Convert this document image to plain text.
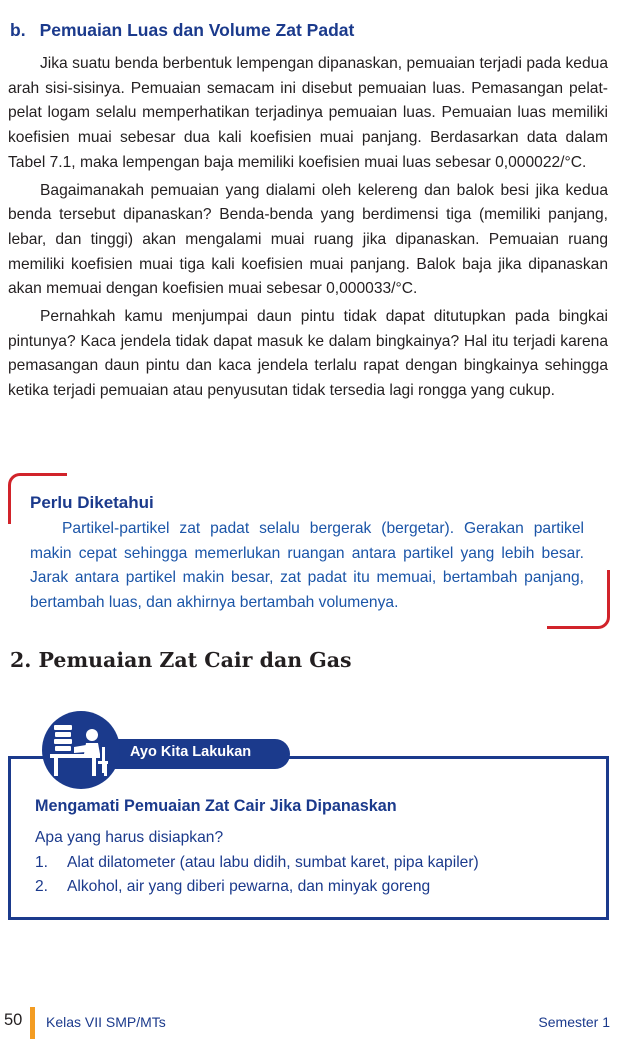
b. Pemuaian Luas dan Volume Zat Padat

Jika suatu benda berbentuk lempengan dipanaskan, pemuaian terjadi pada kedua arah sisi-sisinya. Pemuaian semacam ini disebut pemuaian luas. Pemasangan pelat-pelat logam selalu memperhatikan terjadinya pemuaian luas. Pemuaian luas memiliki koefisien muai sebesar dua kali koefisien muai panjang. Berdasarkan data dalam Tabel 7.1, maka lempengan baja memiliki koefisien muai luas sebesar 0,000022/°C.

Bagaimanakah pemuaian yang dialami oleh kelereng dan balok besi jika kedua benda tersebut dipanaskan? Benda-benda yang berdimensi tiga (memiliki panjang, lebar, dan tinggi) akan mengalami muai ruang jika dipanaskan. Pemuaian ruang memiliki koefisien muai tiga kali koefisien muai panjang. Balok baja jika dipanaskan akan memuai dengan koefisien muai sebesar 0,000033/°C.

Pernahkah kamu menjumpai daun pintu tidak dapat ditutupkan pada bingkai pintunya? Kaca jendela tidak dapat masuk ke dalam bingkainya? Hal itu terjadi karena pemasangan daun pintu dan kaca jendela terlalu rapat dengan bingkainya sehingga ketika terjadi pemuaian atau penyusutan tidak tersedia lagi rongga yang cukup.

Perlu Diketahui

Partikel-partikel zat padat selalu bergerak (bergetar). Gerakan partikel makin cepat sehingga memerlukan ruangan antara partikel yang lebih besar. Jarak antara partikel makin besar, zat padat itu memuai, bertambah panjang, bertambah luas, dan akhirnya bertambah volumenya.

2. Pemuaian Zat Cair dan Gas
Ayo Kita Lakukan
Mengamati Pemuaian Zat Cair Jika Dipanaskan

Apa yang harus disiapkan?

1. Alat dilatometer (atau labu didih, sumbat karet, pipa kapiler)
2. Alkohol, air yang diberi pewarna, dan minyak goreng
50 Kelas VII SMP/MTs	Semester 1
